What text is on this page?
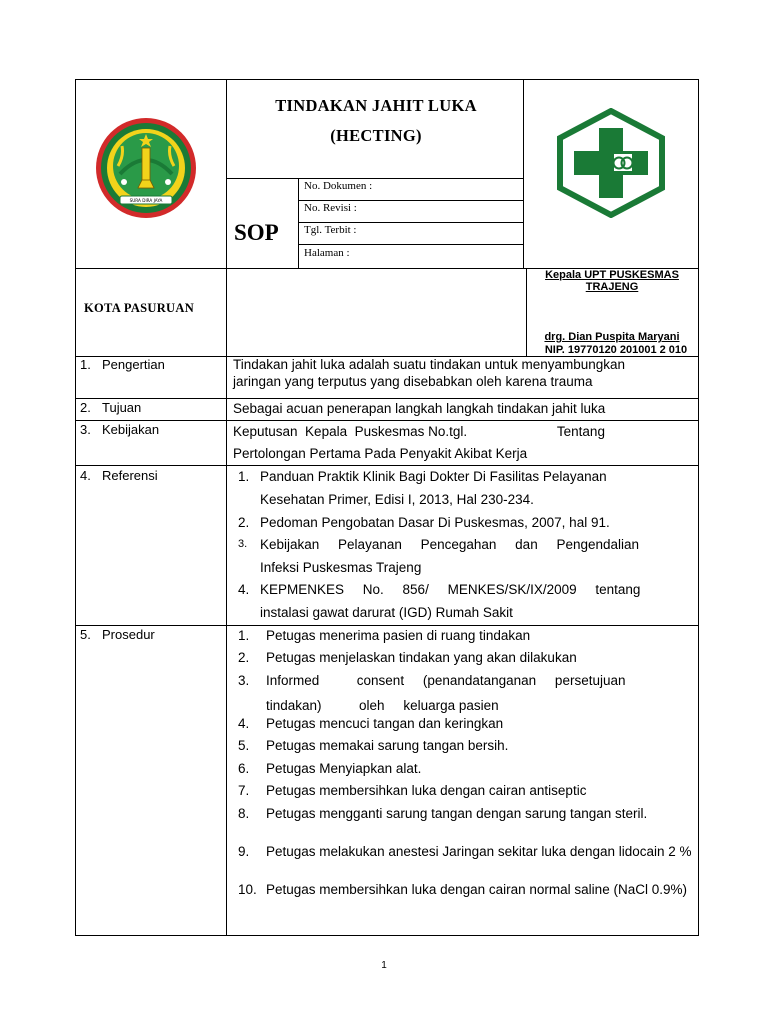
SURA DIRA JAYA
TINDAKAN JAHIT LUKA
(HECTING)
SOP
No. Dokumen :
No. Revisi :
Tgl. Terbit :
Halaman :
KOTA PASURUAN
Kepala UPT PUSKESMAS
TRAJENG
drg. Dian Puspita Maryani
NIP. 19770120 201001 2 010
1. Pengertian	Tindakan jahit luka adalah suatu tindakan untuk menyambungkan
jaringan yang terputus yang disebabkan oleh karena trauma
2. Tujuan	Sebagai acuan penerapan langkah langkah tindakan jahit luka
3. Kebijakan	Keputusan  Kepala  Puskesmas No.tgl.                        Tentang
Pertolongan Pertama Pada Penyakit Akibat Kerja
4. Referensi	1. Panduan Praktik Klinik Bagi Dokter Di Fasilitas Pelayanan
Kesehatan Primer, Edisi I, 2013, Hal 230-234.
2. Pedoman Pengobatan Dasar Di Puskesmas, 2007, hal 91.
3. Kebijakan     Pelayanan     Pencegahan     dan     Pengendalian
Infeksi Puskesmas Trajeng
4. KEPMENKES     No.     856/     MENKES/SK/IX/2009     tentang
instalasi gawat darurat (IGD) Rumah Sakit
5. Prosedur	1.	Petugas menerima pasien di ruang tindakan
2.	Petugas menjelaskan tindakan yang akan dilakukan
3.	Informed          consent     (penandatanganan     persetujuan
tindakan)          oleh     keluarga pasien
4.	Petugas mencuci tangan dan keringkan
5.	Petugas memakai sarung tangan bersih.
6.	Petugas Menyiapkan alat.
7.	Petugas membersihkan luka dengan cairan antiseptic
8.	Petugas mengganti sarung tangan dengan sarung tangan steril.
9.	Petugas melakukan anestesi Jaringan sekitar luka dengan lidocain 2 %
10. Petugas membersihkan luka dengan cairan normal saline (NaCl 0.9%)
1
